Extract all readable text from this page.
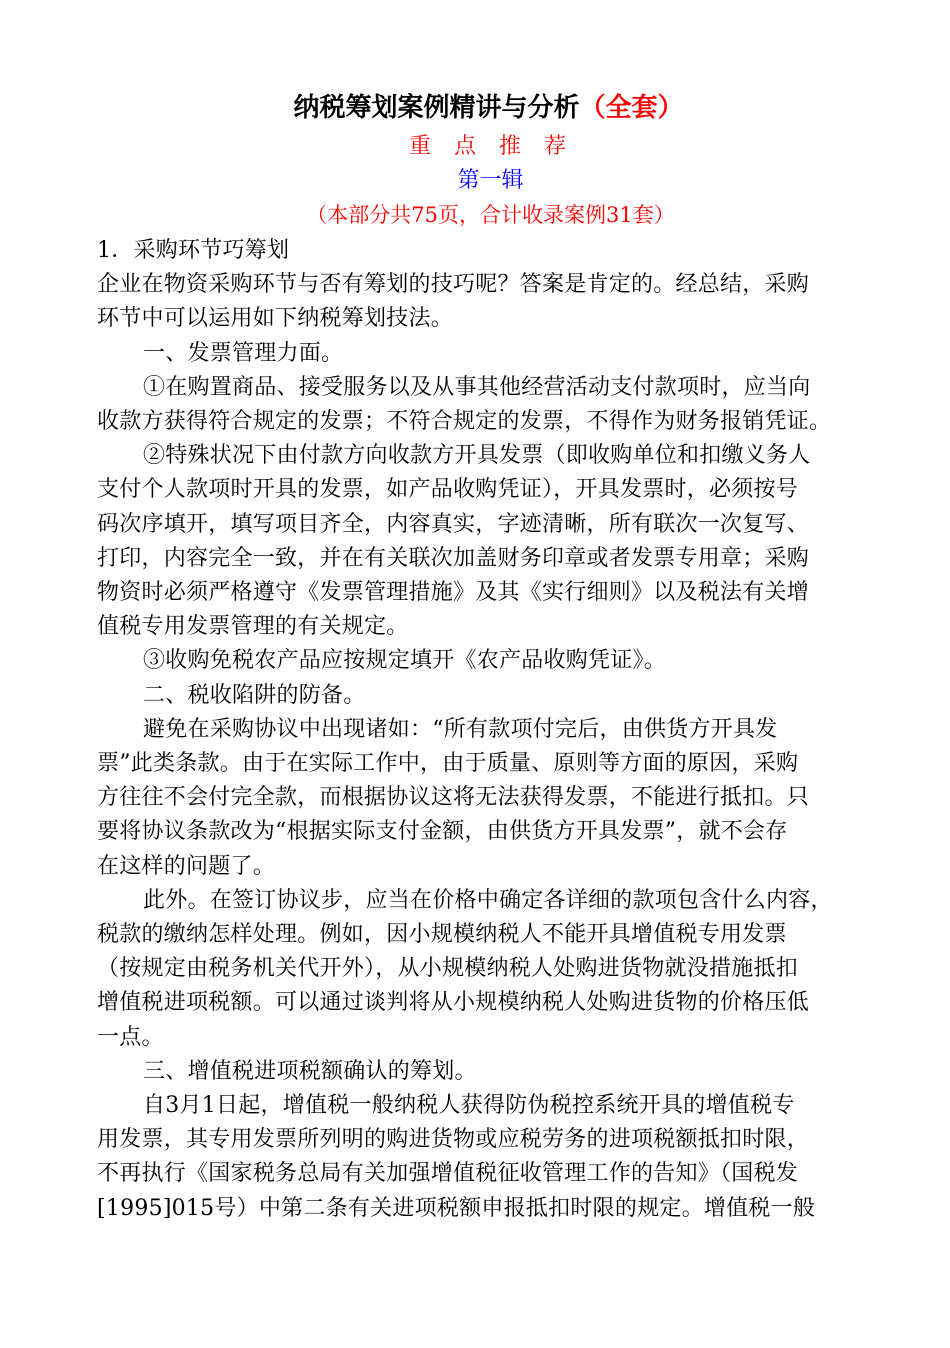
纳税筹划案例精讲与分析（全套）
重 点 推 荐
第一辑
（本部分共75页，合计收录案例31套）
1．采购环节巧筹划
企业在物资采购环节与否有筹划的技巧呢？答案是肯定的。经总结，采购
环节中可以运用如下纳税筹划技法。
一、发票管理力面。
①在购置商品、接受服务以及从事其他经营活动支付款项时，应当向
收款方获得符合规定的发票；不符合规定的发票，不得作为财务报销凭证。
②特殊状况下由付款方向收款方开具发票（即收购单位和扣缴义务人
支付个人款项时开具的发票，如产品收购凭证），开具发票时，必须按号
码次序填开，填写项目齐全，内容真实，字迹清晰，所有联次一次复写、
打印，内容完全一致，并在有关联次加盖财务印章或者发票专用章；采购
物资时必须严格遵守《发票管理措施》及其《实行细则》以及税法有关增
值税专用发票管理的有关规定。
③收购免税农产品应按规定填开《农产品收购凭证》。
二、税收陷阱的防备。
避免在采购协议中出现诸如：“所有款项付完后，由供货方开具发
票”此类条款。由于在实际工作中，由于质量、原则等方面的原因，采购
方往往不会付完全款，而根据协议这将无法获得发票，不能进行抵扣。只
要将协议条款改为“根据实际支付金额，由供货方开具发票”，就不会存
在这样的问题了。
此外。在签订协议步，应当在价格中确定各详细的款项包含什么内容，
税款的缴纳怎样处理。例如，因小规模纳税人不能开具增值税专用发票
（按规定由税务机关代开外），从小规模纳税人处购进货物就没措施抵扣
增值税进项税额。可以通过谈判将从小规模纳税人处购进货物的价格压低
一点。
三、增值税进项税额确认的筹划。
自3月1日起，增值税一般纳税人获得防伪税控系统开具的增值税专
用发票，其专用发票所列明的购进货物或应税劳务的进项税额抵扣时限，
不再执行《国家税务总局有关加强增值税征收管理工作的告知》（国税发
[1995]015号）中第二条有关进项税额申报抵扣时限的规定。增值税一般
